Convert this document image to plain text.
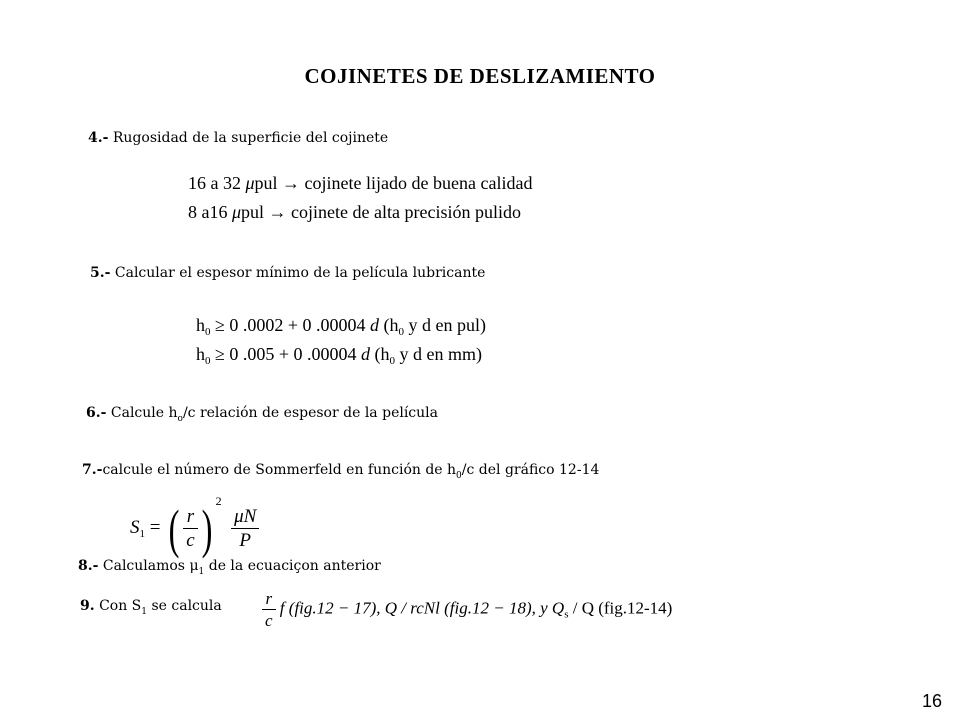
COJINETES DE DESLIZAMIENTO
4.- Rugosidad de la superficie del cojinete
16 a 32 μpul → cojinete lijado de buena calidad
8 a16 μpul → cojinete de alta precisión pulido
5.- Calcular el espesor mínimo de la película lubricante
$h_0 \ge 0$ .0002 + 0 .00004 d ($h_0$ y d en pul)
$h_0 \ge 0$ .005 + 0 .00004 d ($h_0$ y d en mm)
6.- Calcule $h_o/c$ relación de espesor de la película
7.-calcule el número de Sommerfeld en función de $h_0/c$ del gráfico 12-14
$S_1$ = ( $\frac{r}{c}$ ) $^2$
$\frac{\mu N}{P}$
8.- Calculamos $\mu_1$ de la ecuaciçon anterior
9. Con $S_1$ se calcula $\frac{r}{c}$ f (fig.12 − 17), Q / rcNl (fig.12 − 18), y $Q_s$ / Q (fig.12-14)
16
